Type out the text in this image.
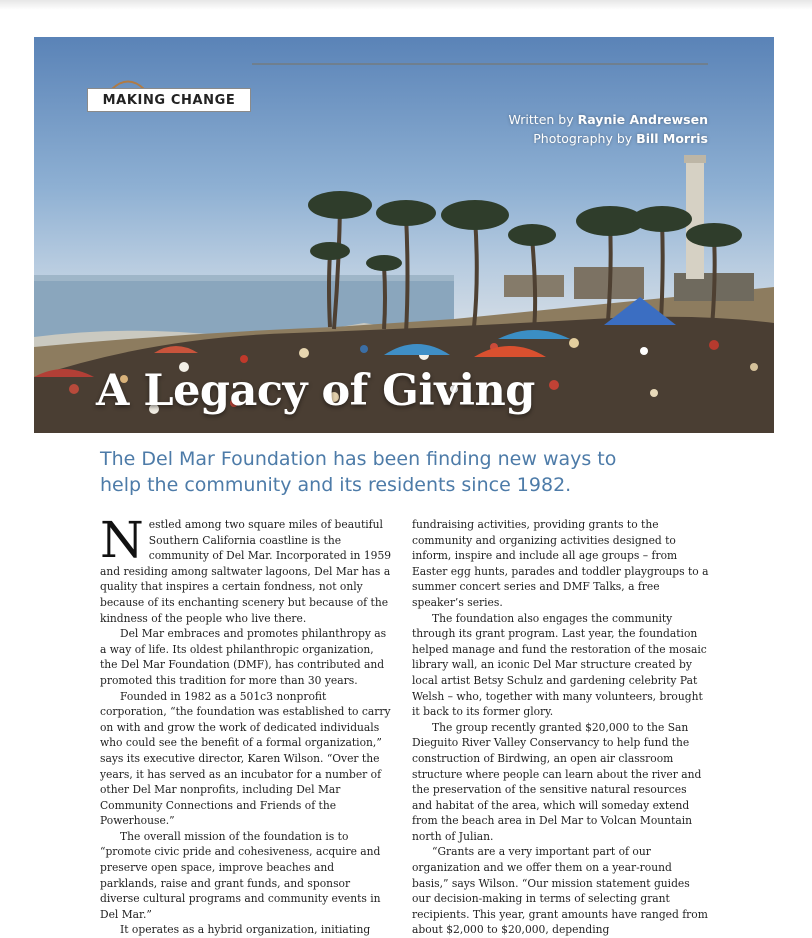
MAKING CHANGE
Written by Raynie Andrewsen
Photography by Bill Morris
A Legacy of Giving
The Del Mar Foundation has been finding new ways to help the community and its residents since 1982.

Nestled among two square miles of beautiful Southern California coastline is the community of Del Mar. Incorporated in 1959 and residing among saltwater lagoons, Del Mar has a quality that inspires a certain fondness, not only because of its enchanting scenery but because of the kindness of the people who live there.

Del Mar embraces and promotes philanthropy as a way of life. Its oldest philanthropic organization, the Del Mar Foundation (DMF), has contributed and promoted this tradition for more than 30 years.

Founded in 1982 as a 501c3 nonprofit corporation, “the foundation was established to carry on with and grow the work of dedicated individuals who could see the benefit of a formal organization,” says its executive director, Karen Wilson. “Over the years, it has served as an incubator for a number of other Del Mar nonprofits, including Del Mar Community Connections and Friends of the Powerhouse.”

The overall mission of the foundation is to “promote civic pride and cohesiveness, acquire and preserve open space, improve beaches and parklands, raise and grant funds, and sponsor diverse cultural programs and community events in Del Mar.”

It operates as a hybrid organization, initiating

fundraising activities, providing grants to the community and organizing activities designed to inform, inspire and include all age groups – from Easter egg hunts, parades and toddler playgroups to a summer concert series and DMF Talks, a free speaker’s series.

The foundation also engages the community through its grant program. Last year, the foundation helped manage and fund the restoration of the mosaic library wall, an iconic Del Mar structure created by local artist Betsy Schulz and gardening celebrity Pat Welsh – who, together with many volunteers, brought it back to its former glory.

The group recently granted $20,000 to the San Dieguito River Valley Conservancy to help fund the construction of Birdwing, an open air classroom structure where people can learn about the river and the preservation of the sensitive natural resources and habitat of the area, which will someday extend from the beach area in Del Mar to Volcan Mountain north of Julian.

“Grants are a very important part of our organization and we offer them on a year-round basis,” says Wilson. “Our mission statement guides our decision-making in terms of selecting grant recipients. This year, grant amounts have ranged from about $2,000 to $20,000, depending
